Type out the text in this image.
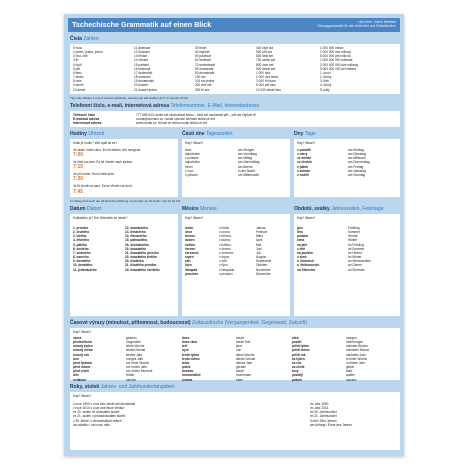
Tschechische Grammatik auf einen Blick	Lida Held · Karen Bellafeld
Übungsgrammatik für den Unterricht und Selbststudium
Čísla Zahlen
0 nula
1 jeden, jedna, jedno
2 dva, dvě
3 tři
4 čtyři
5 pět
6 šest
7 sedm
8 osm
9 devět
10 deset
11 jedenáct
12 dvanáct
13 třináct
14 čtrnáct
15 patnáct
16 šestnáct
17 sedmnáct
18 osmnáct
19 devatenáct
20 dvacet
21 dvacet jedna
30 třicet
40 čtyřicet
50 padesát
60 šedesát
70 sedmdesát
80 osmdesát
90 devadesát
100 sto
101 sto jedna
200 dvě stě
300 tři sta
400 čtyři sta
500 pět set
600 šest set
700 sedm set
800 osm set
900 devět set
1 000 tisíc
2 000 dva tisíce
3 000 tři tisíce
5 000 pět tisíc
10 000 deset tisíc
1 000 000 milion
2 000 000 dva miliony
5 000 000 pět milionů
1 000 000 000 miliarda
2 000 000 000 dvě miliardy
5 000 000 000 pět miliard
1. první
2. druhý
3. třetí
4. čtvrtý
5. pátý
Tipp: Die Zahlen 1 und 2 werden dekliniert, ebenso wie alle Zahlen ab 5 im Genitiv Plural.
Telefonní číslo, e-mail, internetová adresa Telefonnummer, E-Mail, Internetadresse
Telefonní číslo
E-mailová adresa
Internetová adresa
777 685 543: sedm set sedmdesát sedm – šest set osmdesát pět – pět set čtyřicet tři
novak@seznam.cz: novák zavináč seznam tečka cé zet
www.novak.cz: tři krát vé tečka novák tečka cé zet
Hodiny Uhrzeit
Kolik je hodin? Wie spät ist es?
Je sedm hodin ráno. Es ist sieben Uhr morgens.
7:00
Je čtvrt na osm. Es ist Viertel nach sieben.
7:15
Je půl osmé. Es ist halb acht.
7:30
Je tři čtvrtě na osm. Es ist Viertel vor acht.
7:45
Části dne Tageszeiten
Kdy? Wann?
ráno
dopoledne
v poledne
odpoledne
večer
v noci
o půlnoci
am Morgen
am Vormittag
am Mittag
am Nachmittag
am Abend
in der Nacht
um Mitternacht
Dny Tage
Kdy? Wann?
v pondělí
v úterý
ve středu
ve čtvrtek
v pátek
v sobotu
v neděli
am Montag
am Dienstag
am Mittwoch
am Donnerstag
am Freitag
am Samstag
am Sonntag
Im Alltag wird auch die 24-Stunden-Zählung verwendet: Je 19 hodin = Es ist 19 Uhr.
Datum Datum
Kolikátého je? Der Wievielte ist heute?
1. prvního
2. druhého
3. třetího
4. čtvrtého
5. pátého
6. šestého
7. sedmého
8. osmého
9. devátého
10. desátého
11. jedenáctého
12. dvanáctého
13. třináctého
14. čtrnáctého
15. patnáctého
16. šestnáctého
20. dvacátého
21. dvacátého prvního
23. dvacátého třetího
30. třicátého
31. třicátého prvního
24. dvacátého čtvrtého
Měsíce Monate
Kdy? Wann?
leden
únor
březen
duben
květen
červen
červenec
srpen
září
říjen
listopad
prosinec
v lednu
v únoru
v březnu
v dubnu
v květnu
v červnu
v červenci
v srpnu
v září
v říjnu
v listopadu
v prosinci
Januar
Februar
März
April
Mai
Juni
Juli
August
September
Oktober
November
Dezember
Období, svátky Jahreszeiten, Feiertage
Kdy? Wann?
jaro
léto
podzim
zima
na jaře
v létě
na podzim
v zimě
o Vánocích
o Velikonocích
na Silvestra
Frühling
Sommer
Herbst
Winter
im Frühling
im Sommer
im Herbst
im Winter
an Weihnachten
an Ostern
an Silvester
Časové výrazy (minulost, přítomnost, budoucnost) Zeitausdrücke (Vergangenheit, Gegenwart, Zukunft)
Kdy? Wann?
včera
předevčírem
minulý týden
minulý měsíc
minulý rok
loni
před týdnem
před rokem
před chvílí
dřív
nedávno
gestern
vorgestern
letzte Woche
letzten Monat
letztes Jahr
voriges Jahr
vor einer Woche
vor einem Jahr
vor einem Moment
früher
neulich
dnes
dnes ráno
teď
nyní
tento týden
tento měsíc
letos
právě
dneska
momentálně
zrovna
heute
heute früh
jetzt
nun
diese Woche
diesen Monat
dieses Jahr
gerade
heute
momentan
eben
zítra
pozítří
příští týden
příští měsíc
příští rok
za týden
za rok
za chvíli
brzy
později
potom
morgen
übermorgen
nächste Woche
nächsten Monat
nächstes Jahr
in einer Woche
in einem Jahr
gleich
bald
später
danach
Roky, století Jahres- und Jahrhundertangaben
Kdy? Wann?
v roce 1990 v roce tisíc devět set devadesát
v roce 2014 v roce dva tisíce čtrnáct
ve 20. století ve dvacátém století
ve 21. století v jednadvacátém století
v 90. letech v devadesátých letech
na začátku / na konci roku
im Jahr 1990
im Jahr 2014
im 20. Jahrhundert
im 21. Jahrhundert
in den 90er Jahren
am Anfang / Ende des Jahres
